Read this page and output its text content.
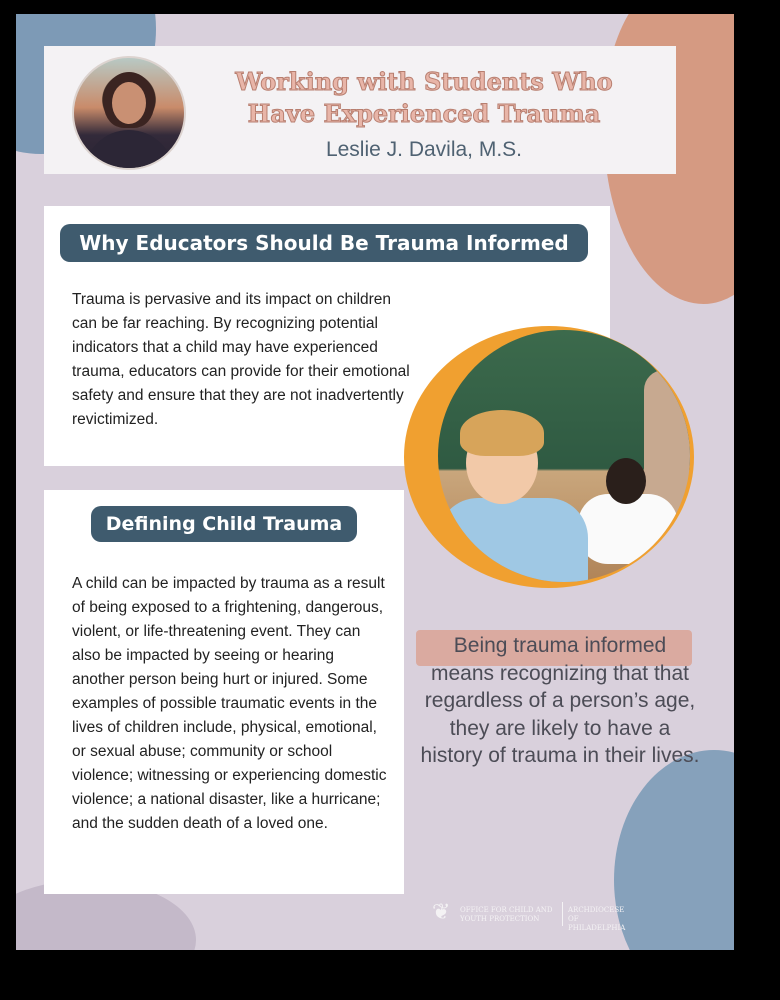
Working with Students Who
Have Experienced Trauma
Leslie J. Davila, M.S.
Why Educators Should Be Trauma Informed
Trauma is pervasive and its impact on children can be far reaching. By recognizing potential indicators that a child may have experienced trauma, educators can provide for their emotional safety and ensure that they are not inadvertently revictimized.
Defining Child Trauma
A child can be impacted by trauma as a result of being exposed to a frightening, dangerous, violent, or life-threatening event. They can also be impacted by seeing or hearing another person being hurt or injured. Some examples of possible traumatic events in the lives of children include, physical, emotional, or sexual abuse; community or school violence; witnessing or experiencing domestic violence; a national disaster, like a hurricane; and the sudden death of a loved one.
Being trauma informed means recognizing that that regardless of a person’s age, they are likely to have a history of trauma in their lives.
❦	OFFICE FOR CHILD AND YOUTH PROTECTION
ARCHDIOCESE OF PHILADELPHIA
